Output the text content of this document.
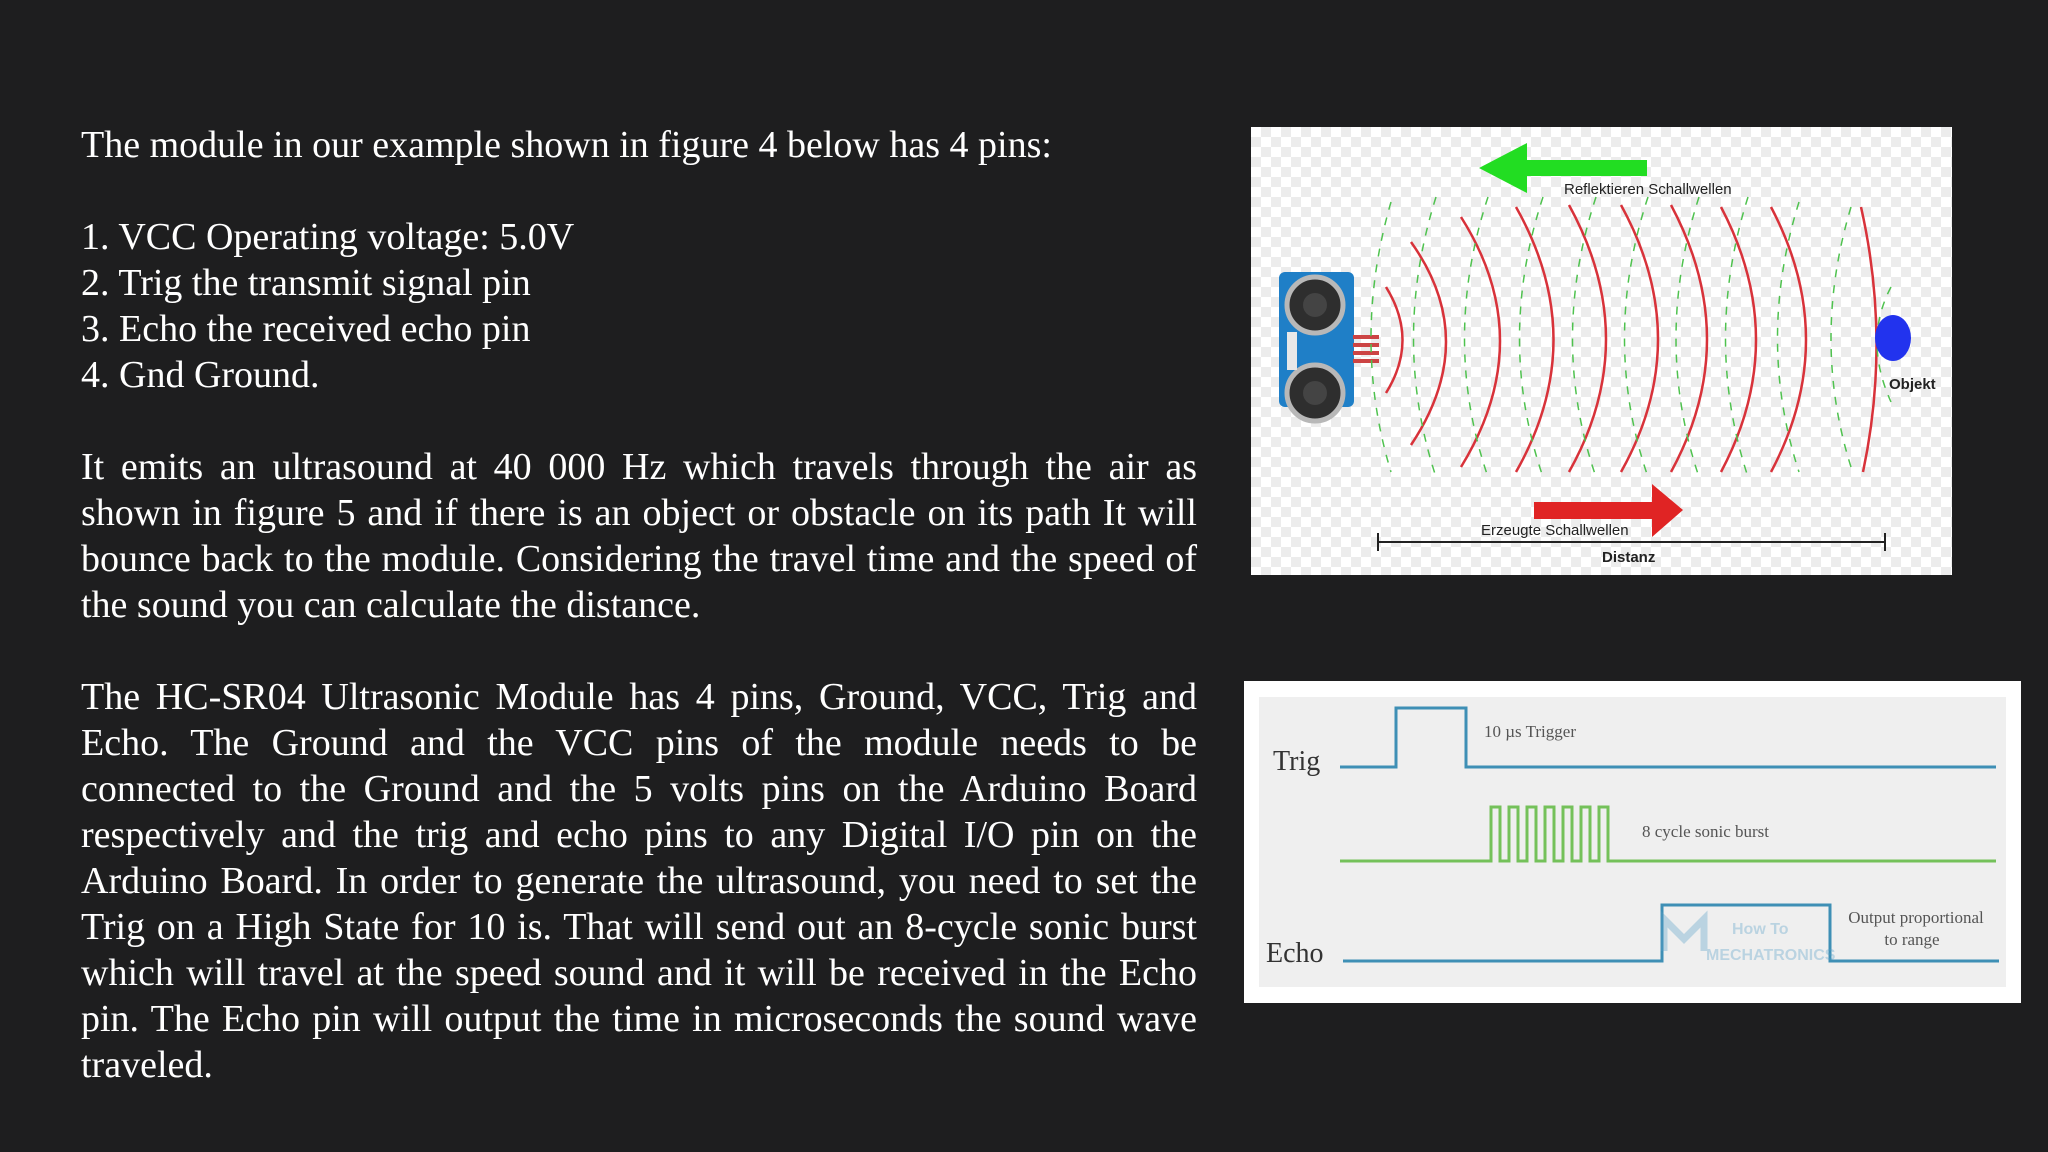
The module in our example shown in figure 4 below has 4 pins:

1. VCC Operating voltage: 5.0V
2. Trig the transmit signal pin
3. Echo the received echo pin
4. Gnd Ground.

It emits an ultrasound at 40 000 Hz which travels through the air as shown in figure 5 and if there is an object or obstacle on its path It will bounce back to the module. Considering the travel time and the speed of the sound you can calculate the distance.

The HC-SR04 Ultrasonic Module has 4 pins, Ground, VCC, Trig and Echo. The Ground and the VCC pins of the module needs to be connected to the Ground and the 5 volts pins on the Arduino Board respectively and the trig and echo pins to any Digital I/O pin on the Arduino Board. In order to generate the ultrasound, you need to set the Trig on a High State for 10 is. That will send out an 8-cycle sonic burst which will travel at the speed sound and it will be received in the Echo pin. The Echo pin will output the time in microseconds the sound wave traveled.

Reflektieren Schallwellen
Objekt
Erzeugte Schallwellen
Distanz
Trig
Echo
10 µs Trigger
8 cycle sonic burst
Output proportional
to range
How To
MECHATRONICS
